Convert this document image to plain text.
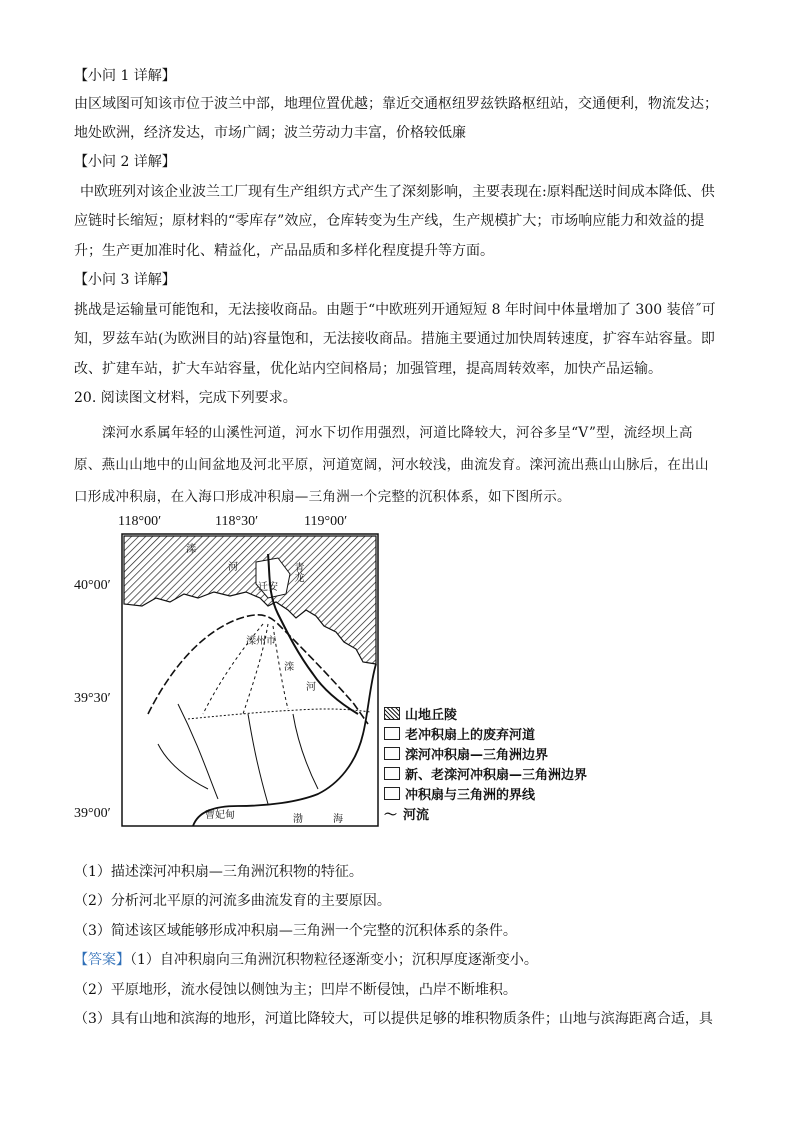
【小问 1 详解】
由区域图可知该市位于波兰中部，地理位置优越；靠近交通枢纽罗兹铁路枢纽站，交通便利，物流发达；
地处欧洲，经济发达，市场广阔；波兰劳动力丰富，价格较低廉
【小问 2 详解】
中欧班列对该企业波兰工厂现有生产组织方式产生了深刻影响，主要表现在:原料配送时间成本降低、供
应链时长缩短；原材料的“零库存”效应，仓库转变为生产线，生产规模扩大；市场响应能力和效益的提
升；生产更加准时化、精益化，产品品质和多样化程度提升等方面。
【小问 3 详解】
挑战是运输量可能饱和，无法接收商品。由题于“中欧班列开通短短 8 年时间中体量增加了 300 装倍˝可
知，罗兹车站(为欧洲目的站)容量饱和，无法接收商品。措施主要通过加快周转速度，扩容车站容量。即
改、扩建车站，扩大车站容量，优化站内空间格局；加强管理，提高周转效率，加快产品运输。
20. 阅读图文材料，完成下列要求。
滦河水系属年轻的山溪性河道，河水下切作用强烈，河道比降较大，河谷多呈“V”型，流经坝上高
原、燕山山地中的山间盆地及河北平原，河道宽阔，河水较浅，曲流发育。滦河流出燕山山脉后，在出山
口形成冲积扇，在入海口形成冲积扇—三角洲一个完整的沉积体系，如下图所示。
118°00′	118°30′	119°00′
40°00′
39°30′
39°00′
滦
河
迁安
青龙
滦州市
滦
河
曹妃甸	渤	海
山地丘陵
老冲积扇上的废弃河道
滦河冲积扇—三角洲边界
新、老滦河冲积扇—三角洲边界
冲积扇与三角洲的界线
〜 河流
（1）描述滦河冲积扇—三角洲沉积物的特征。
（2）分析河北平原的河流多曲流发育的主要原因。
（3）简述该区域能够形成冲积扇—三角洲一个完整的沉积体系的条件。
【答案】（1）自冲积扇向三角洲沉积物粒径逐渐变小；沉积厚度逐渐变小。
（2）平原地形，流水侵蚀以侧蚀为主；凹岸不断侵蚀，凸岸不断堆积。
（3）具有山地和滨海的地形，河道比降较大，可以提供足够的堆积物质条件；山地与滨海距离合适，具
